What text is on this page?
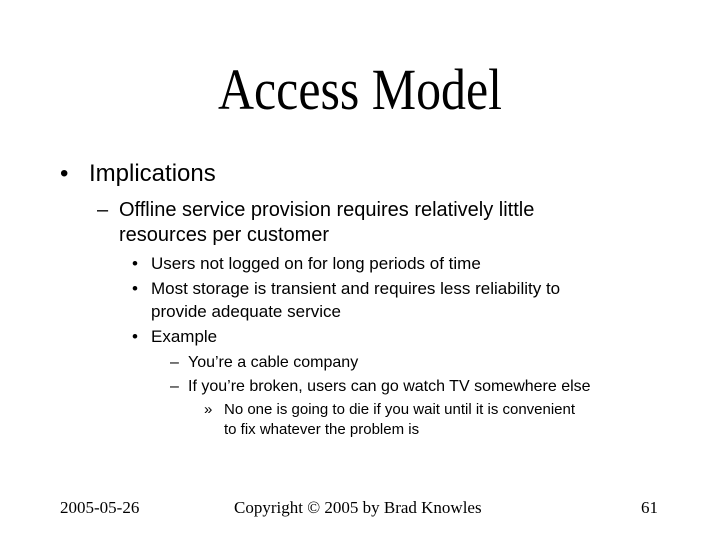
Access Model
• Implications
– Offline service provision requires relatively little
resources per customer
• Users not logged on for long periods of time
• Most storage is transient and requires less reliability to
provide adequate service
• Example
– You’re a cable company
– If you’re broken, users can go watch TV somewhere else
» No one is going to die if you wait until it is convenient
to fix whatever the problem is
2005-05-26	Copyright © 2005 by Brad Knowles	61
